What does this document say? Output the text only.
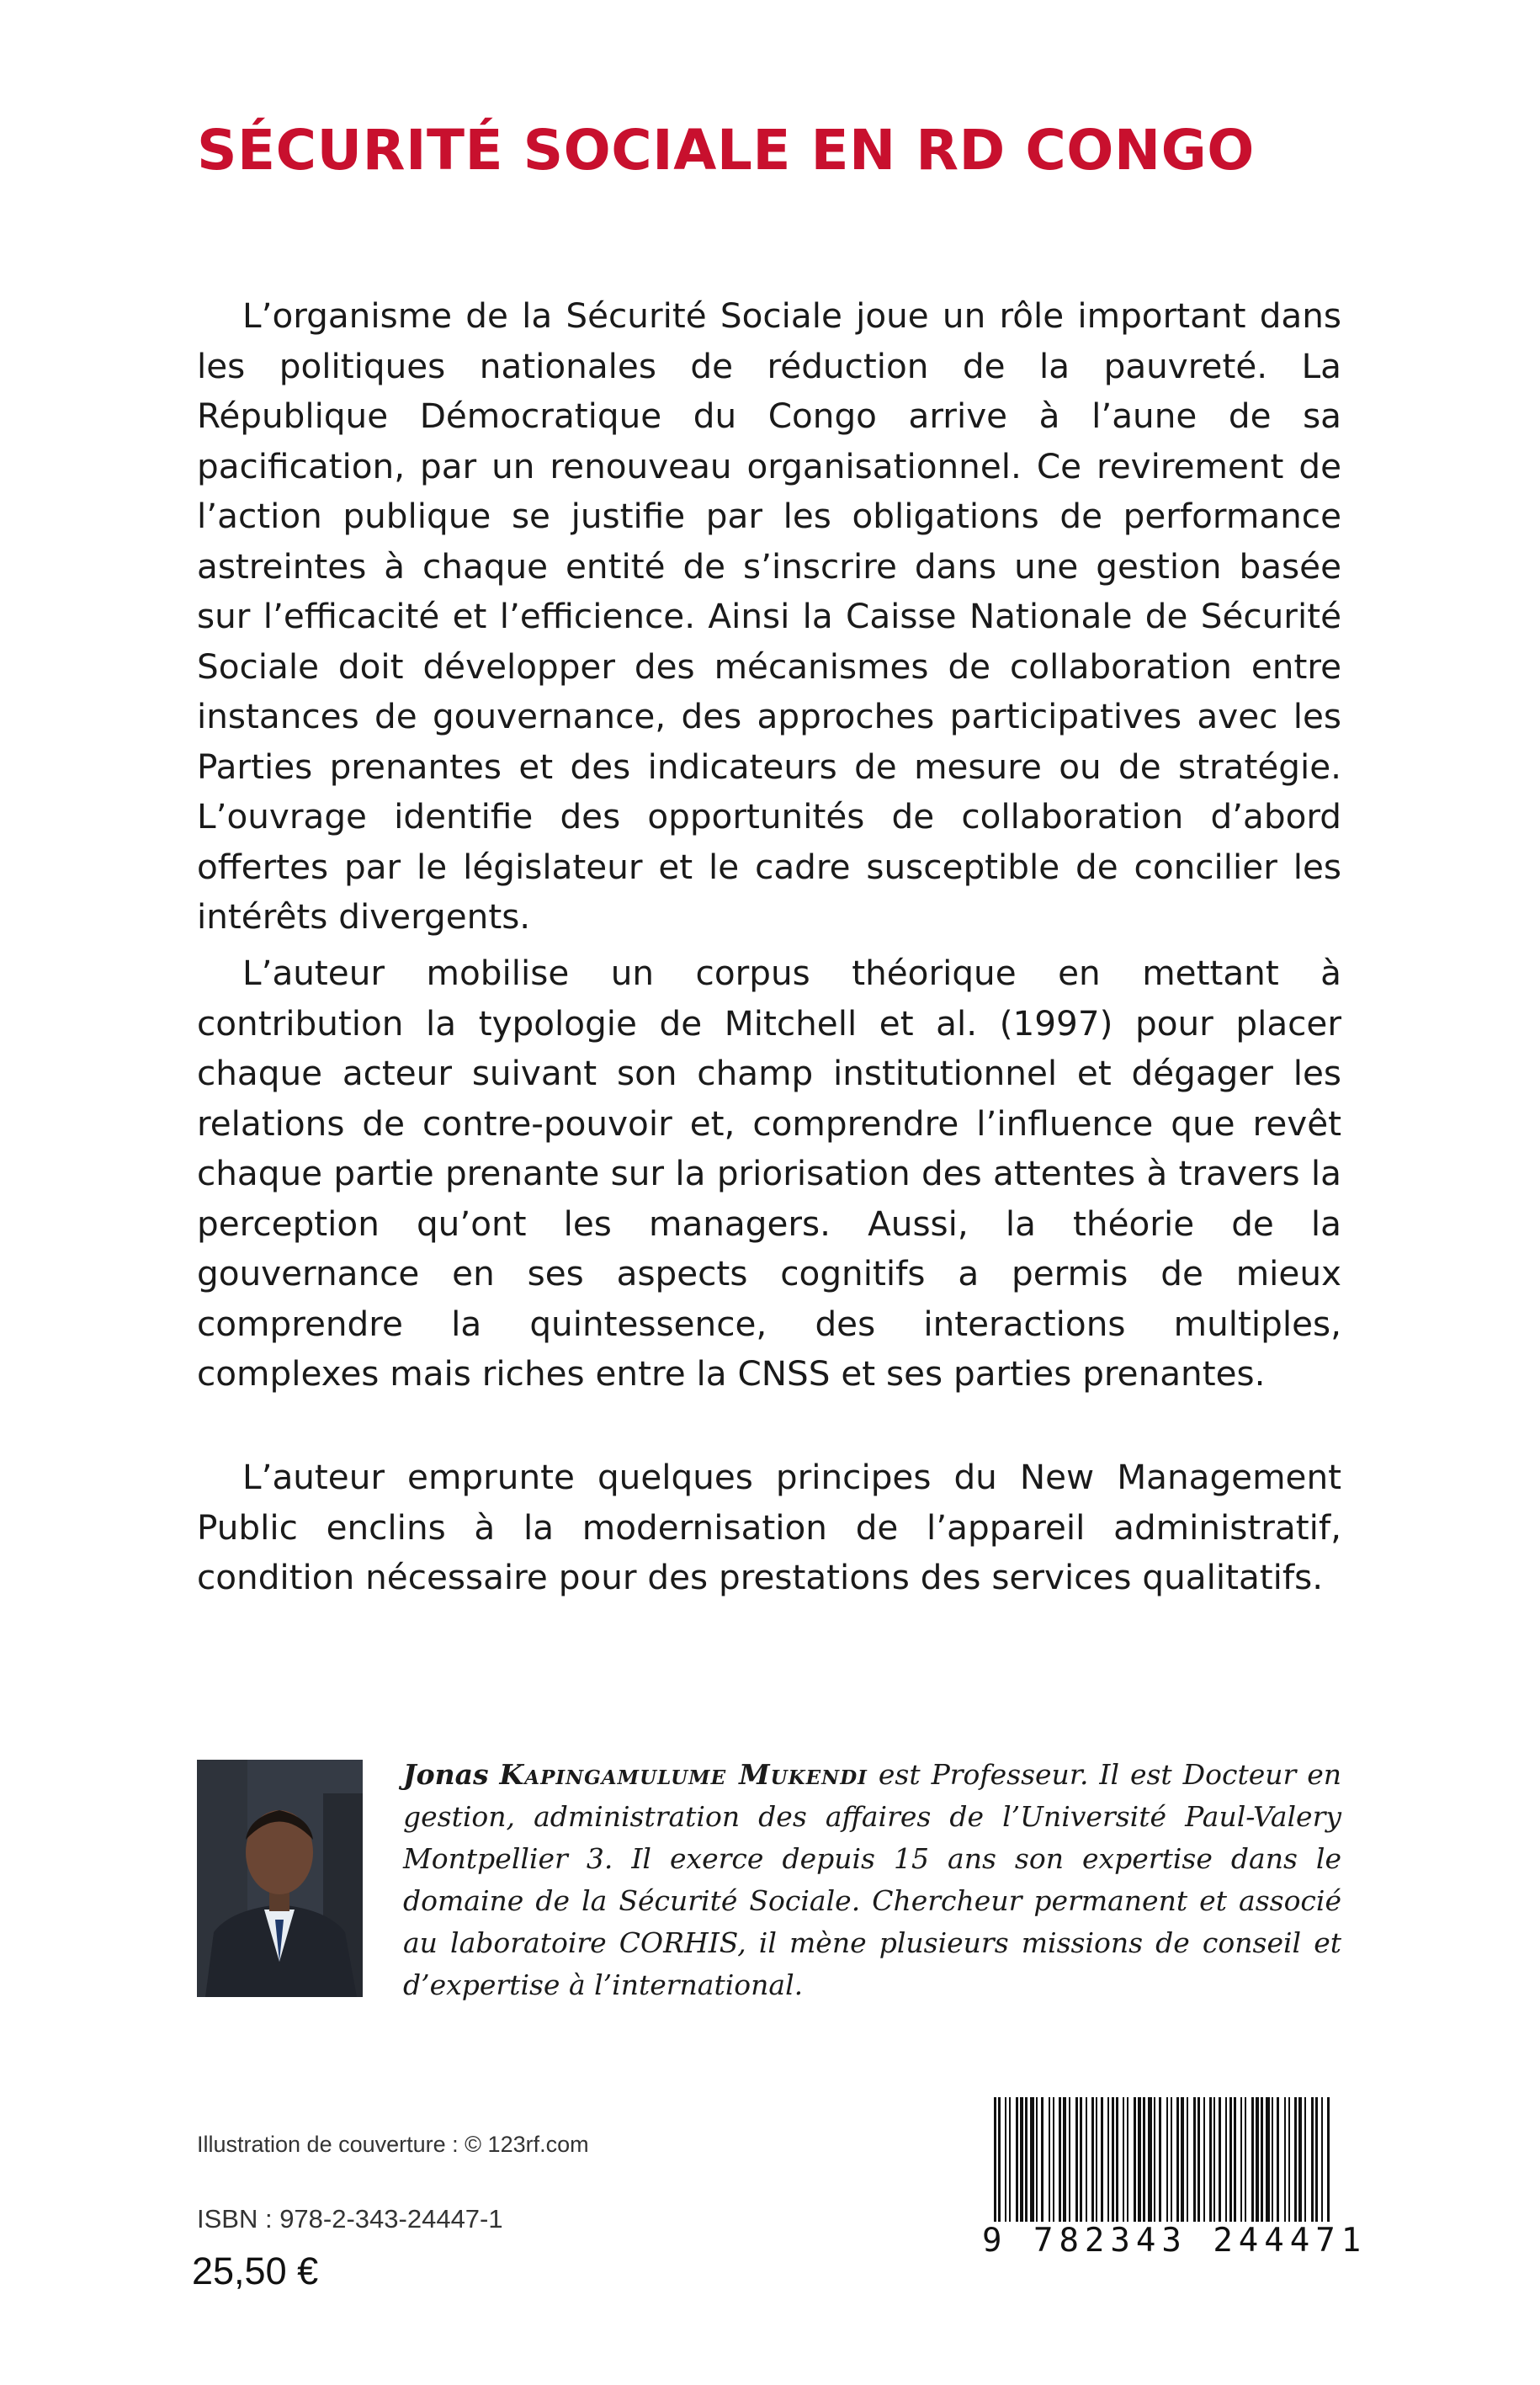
SÉCURITÉ SOCIALE EN RD CONGO

L’organisme de la Sécurité Sociale joue un rôle important dans les politiques nationales de réduction de la pauvreté. La République Démocratique du Congo arrive à l’aune de sa pacification, par un renouveau organisationnel. Ce revirement de l’action publique se justifie par les obligations de performance astreintes à chaque entité de s’inscrire dans une gestion basée sur l’efficacité et l’efficience. Ainsi la Caisse Nationale de Sécurité Sociale doit développer des mécanismes de collaboration entre instances de gouvernance, des approches participatives avec les Parties prenantes et des indicateurs de mesure ou de stratégie. L’ouvrage identifie des opportunités de collaboration d’abord offertes par le législateur et le cadre susceptible de concilier les intérêts divergents.

L’auteur mobilise un corpus théorique en mettant à contribution la typologie de Mitchell et al. (1997) pour placer chaque acteur suivant son champ institutionnel et dégager les relations de contre-pouvoir et, comprendre l’influence que revêt chaque partie prenante sur la priorisation des attentes à travers la perception qu’ont les managers. Aussi, la théorie de la gouvernance en ses aspects cognitifs a permis de mieux comprendre la quintessence, des interactions multiples, complexes mais riches entre la CNSS et ses parties prenantes.

L’auteur emprunte quelques principes du New Management Public enclins à la modernisation de l’appareil administratif, condition nécessaire pour des prestations des services qualitatifs.

Jonas Kapingamulume Mukendi est Professeur. Il est Docteur en gestion, administration des affaires de l’Université Paul-Valery Montpellier 3. Il exerce depuis 15 ans son expertise dans le domaine de la Sécurité Sociale. Chercheur permanent et associé au laboratoire CORHIS, il mène plusieurs missions de conseil et d’expertise à l’international.

Illustration de couverture : © 123rf.com

ISBN : 978-2-343-24447-1

25,50 €

9 782343 244471
